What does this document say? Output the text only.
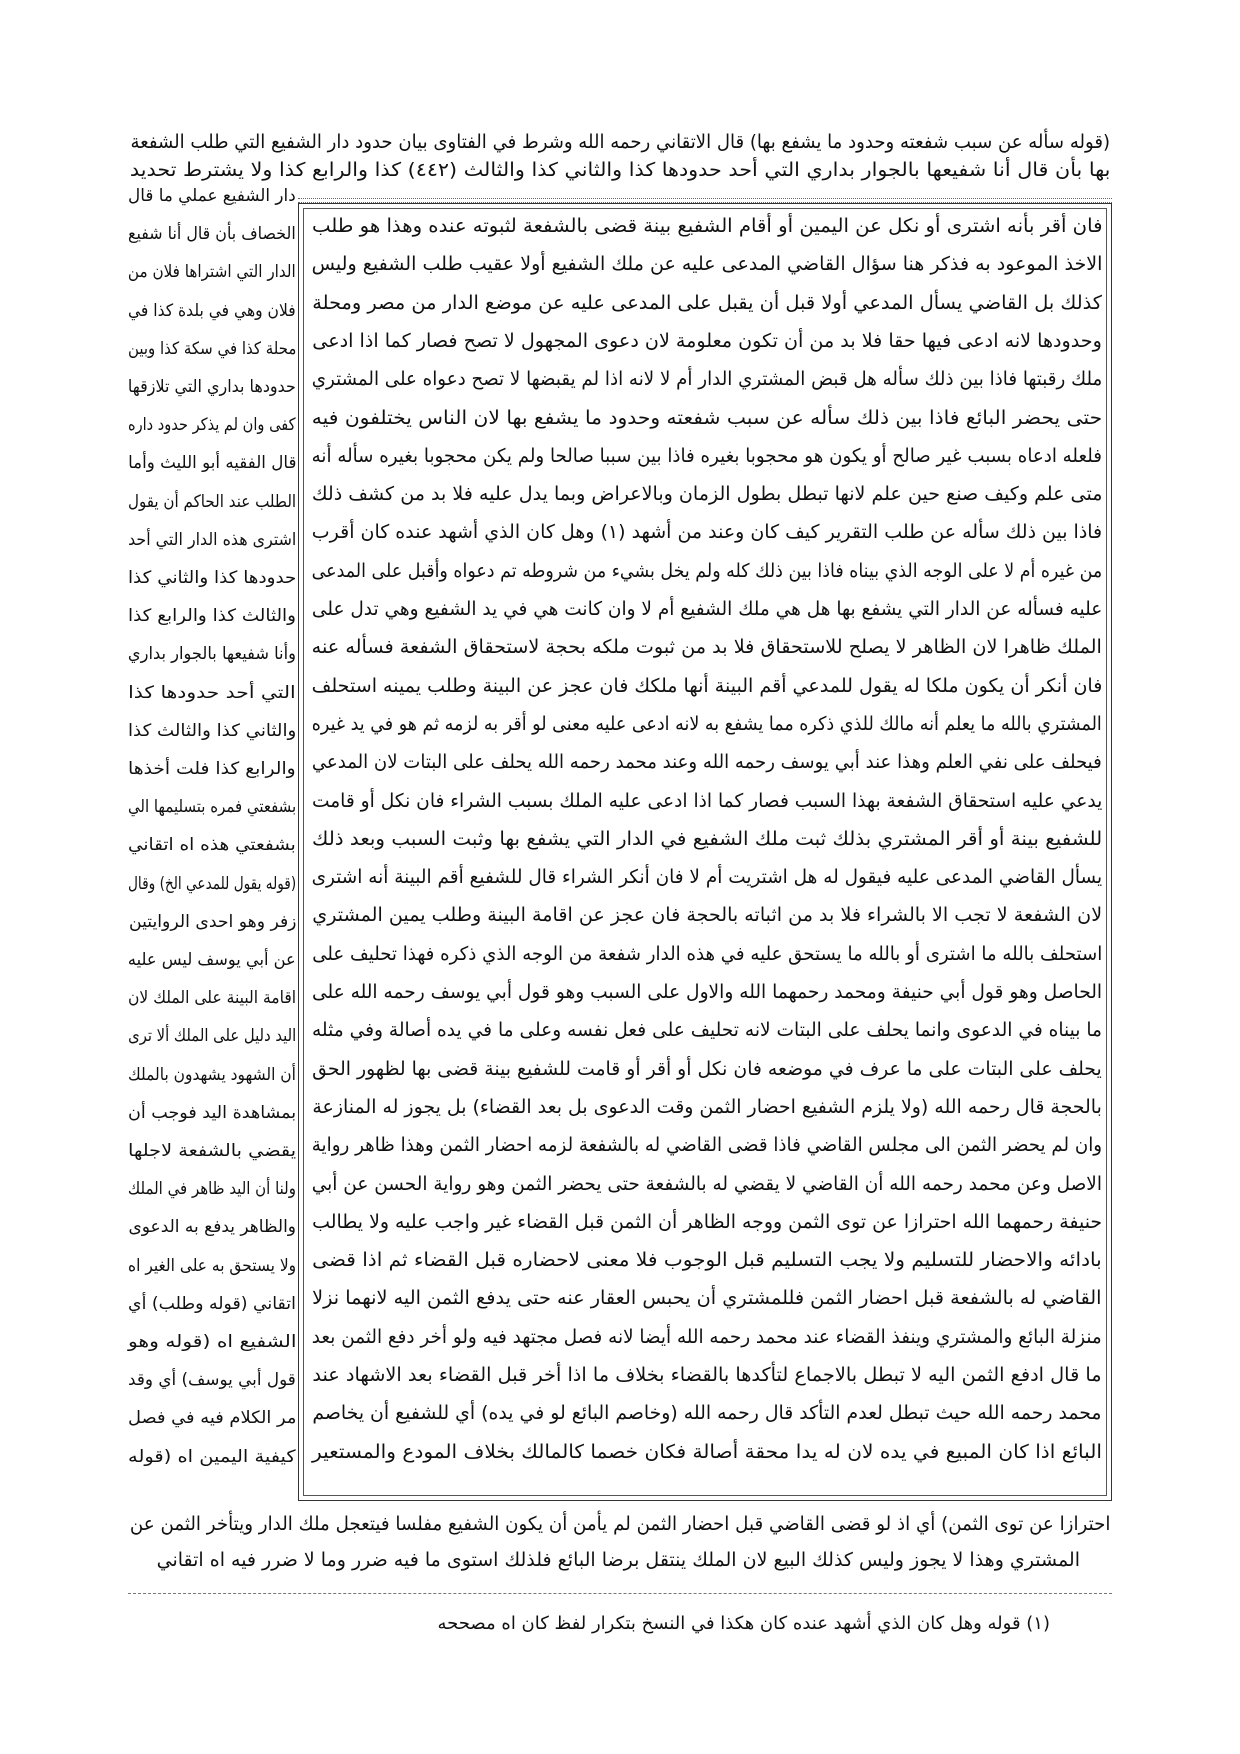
(قوله سأله عن سبب شفعته وحدود ما يشفع بها) قال الاتقاني رحمه الله وشرط في الفتاوى بيان حدود دار الشفيع التي طلب الشفعة
بها بأن قال أنا شفيعها بالجوار بداري التي أحد حدودها كذا والثاني كذا والثالث (٤٤٢) كذا والرابع كذا ولا يشترط تحديد
فان أقر بأنه اشترى أو نكل عن اليمين أو أقام الشفيع بينة قضى بالشفعة لثبوته عنده وهذا هو طلب
الاخذ الموعود به فذكر هنا سؤال القاضي المدعى عليه عن ملك الشفيع أولا عقيب طلب الشفيع وليس
كذلك بل القاضي يسأل المدعي أولا قبل أن يقبل على المدعى عليه عن موضع الدار من مصر ومحلة
وحدودها لانه ادعى فيها حقا فلا بد من أن تكون معلومة لان دعوى المجهول لا تصح فصار كما اذا ادعى
ملك رقبتها فاذا بين ذلك سأله هل قبض المشتري الدار أم لا لانه اذا لم يقبضها لا تصح دعواه على المشتري
حتى يحضر البائع فاذا بين ذلك سأله عن سبب شفعته وحدود ما يشفع بها لان الناس يختلفون فيه
فلعله ادعاه بسبب غير صالح أو يكون هو محجوبا بغيره فاذا بين سببا صالحا ولم يكن محجوبا بغيره سأله أنه
متى علم وكيف صنع حين علم لانها تبطل بطول الزمان وبالاعراض وبما يدل عليه فلا بد من كشف ذلك
فاذا بين ذلك سأله عن طلب التقرير كيف كان وعند من أشهد (١) وهل كان الذي أشهد عنده كان أقرب
من غيره أم لا على الوجه الذي بيناه فاذا بين ذلك كله ولم يخل بشيء من شروطه تم دعواه وأقبل على المدعى
عليه فسأله عن الدار التي يشفع بها هل هي ملك الشفيع أم لا وان كانت هي في يد الشفيع وهي تدل على
الملك ظاهرا لان الظاهر لا يصلح للاستحقاق فلا بد من ثبوت ملكه بحجة لاستحقاق الشفعة فسأله عنه
فان أنكر أن يكون ملكا له يقول للمدعي أقم البينة أنها ملكك فان عجز عن البينة وطلب يمينه استحلف
المشتري بالله ما يعلم أنه مالك للذي ذكره مما يشفع به لانه ادعى عليه معنى لو أقر به لزمه ثم هو في يد غيره
فيحلف على نفي العلم وهذا عند أبي يوسف رحمه الله وعند محمد رحمه الله يحلف على البتات لان المدعي
يدعي عليه استحقاق الشفعة بهذا السبب فصار كما اذا ادعى عليه الملك بسبب الشراء فان نكل أو قامت
للشفيع بينة أو أقر المشتري بذلك ثبت ملك الشفيع في الدار التي يشفع بها وثبت السبب وبعد ذلك
يسأل القاضي المدعى عليه فيقول له هل اشتريت أم لا فان أنكر الشراء قال للشفيع أقم البينة أنه اشترى
لان الشفعة لا تجب الا بالشراء فلا بد من اثباته بالحجة فان عجز عن اقامة البينة وطلب يمين المشتري
استحلف بالله ما اشترى أو بالله ما يستحق عليه في هذه الدار شفعة من الوجه الذي ذكره فهذا تحليف على
الحاصل وهو قول أبي حنيفة ومحمد رحمهما الله والاول على السبب وهو قول أبي يوسف رحمه الله على
ما بيناه في الدعوى وانما يحلف على البتات لانه تحليف على فعل نفسه وعلى ما في يده أصالة وفي مثله
يحلف على البتات على ما عرف في موضعه فان نكل أو أقر أو قامت للشفيع بينة قضى بها لظهور الحق
بالحجة قال رحمه الله (ولا يلزم الشفيع احضار الثمن وقت الدعوى بل بعد القضاء) بل يجوز له المنازعة
وان لم يحضر الثمن الى مجلس القاضي فاذا قضى القاضي له بالشفعة لزمه احضار الثمن وهذا ظاهر رواية
الاصل وعن محمد رحمه الله أن القاضي لا يقضي له بالشفعة حتى يحضر الثمن وهو رواية الحسن عن أبي
حنيفة رحمهما الله احترازا عن توى الثمن ووجه الظاهر أن الثمن قبل القضاء غير واجب عليه ولا يطالب
بادائه والاحضار للتسليم ولا يجب التسليم قبل الوجوب فلا معنى لاحضاره قبل القضاء ثم اذا قضى
القاضي له بالشفعة قبل احضار الثمن فللمشتري أن يحبس العقار عنه حتى يدفع الثمن اليه لانهما نزلا
منزلة البائع والمشتري وينفذ القضاء عند محمد رحمه الله أيضا لانه فصل مجتهد فيه ولو أخر دفع الثمن بعد
ما قال ادفع الثمن اليه لا تبطل بالاجماع لتأكدها بالقضاء بخلاف ما اذا أخر قبل القضاء بعد الاشهاد عند
محمد رحمه الله حيث تبطل لعدم التأكد قال رحمه الله (وخاصم البائع لو في يده) أي للشفيع أن يخاصم
البائع اذا كان المبيع في يده لان له يدا محقة أصالة فكان خصما كالمالك بخلاف المودع والمستعير
دار الشفيع عملي ما قال
الخصاف بأن قال أنا شفيع
الدار التي اشتراها فلان من
فلان وهي في بلدة كذا في
محلة كذا في سكة كذا وبين
حدودها بداري التي تلازقها
كفى وان لم يذكر حدود داره
قال الفقيه أبو الليث وأما
الطلب عند الحاكم أن يقول
اشترى هذه الدار التي أحد
حدودها كذا والثاني كذا
والثالث كذا والرابع كذا
وأنا شفيعها بالجوار بداري
التي أحد حدودها كذا
والثاني كذا والثالث كذا
والرابع كذا فلت أخذها
بشفعتي فمره بتسليمها الي
بشفعتي هذه اه اتقاني
(قوله يقول للمدعي الخ) وقال
زفر وهو احدى الروايتين
عن أبي يوسف ليس عليه
اقامة البينة على الملك لان
اليد دليل على الملك ألا ترى
أن الشهود يشهدون بالملك
بمشاهدة اليد فوجب أن
يقضي بالشفعة لاجلها
ولنا أن اليد ظاهر في الملك
والظاهر يدفع به الدعوى
ولا يستحق به على الغير اه
اتقاني (قوله وطلب) أي
الشفيع اه (قوله وهو
قول أبي يوسف) أي وقد
مر الكلام فيه في فصل
كيفية اليمين اه (قوله
احترازا عن توى الثمن) أي اذ لو قضى القاضي قبل احضار الثمن لم يأمن أن يكون الشفيع مفلسا فيتعجل ملك الدار ويتأخر الثمن عن
المشتري وهذا لا يجوز وليس كذلك البيع لان الملك ينتقل برضا البائع فلذلك استوى ما فيه ضرر وما لا ضرر فيه اه اتقاني
(١) قوله وهل كان الذي أشهد عنده كان هكذا في النسخ بتكرار لفظ كان اه مصححه
